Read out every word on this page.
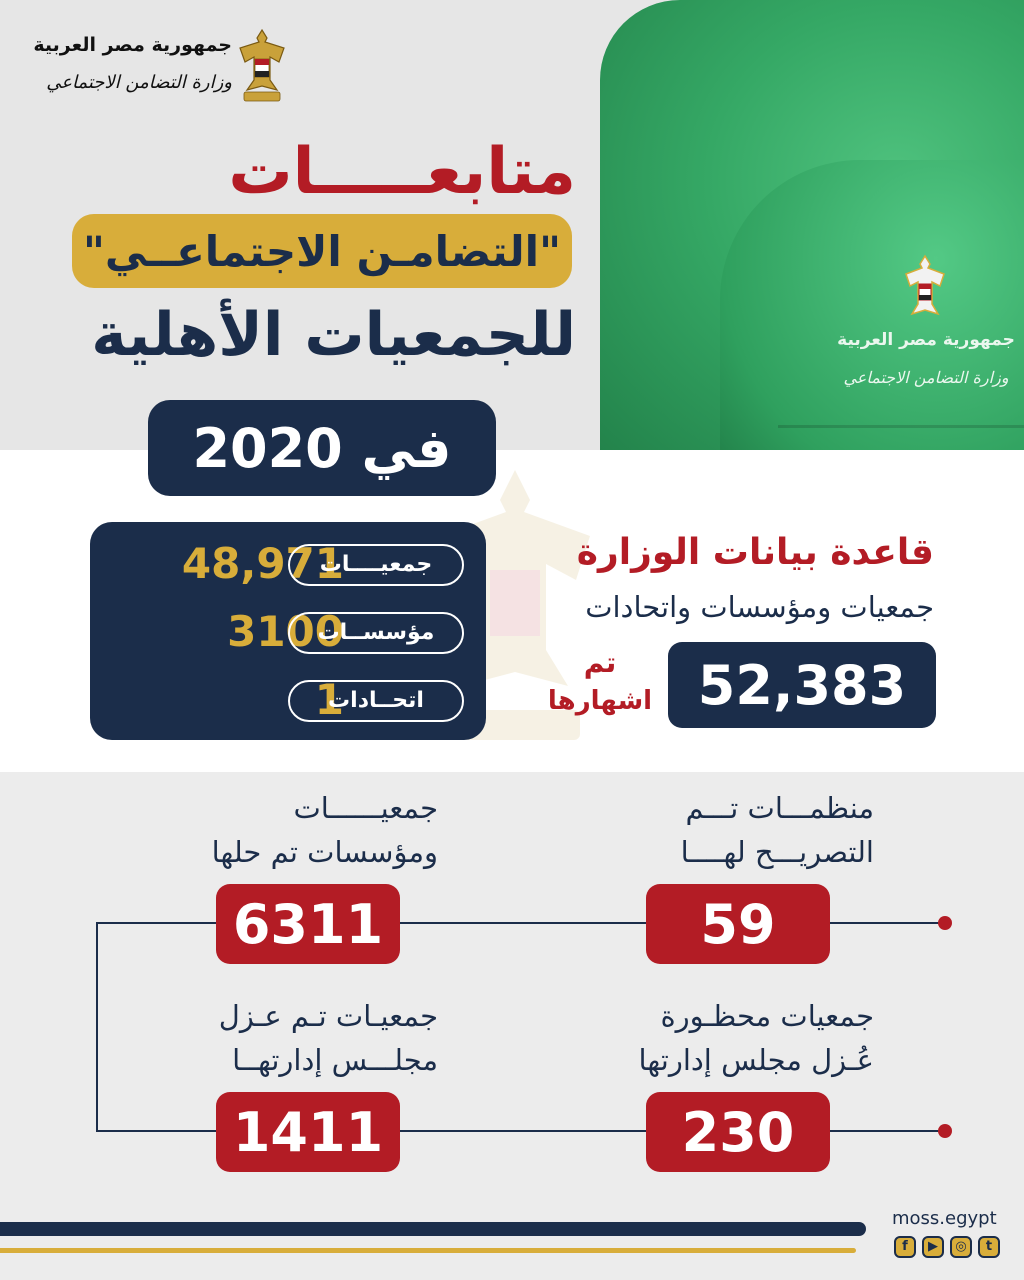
جمهورية مصر العربية
وزارة التضامن الاجتماعي
جمهورية مصر العربية
وزارة التضامن الاجتماعي
متابعـــــات
"التضامـن الاجتماعــي"
للجمعيات الأهلية
في 2020
48,971
جمعيــــات
3100
مؤسســات
1
اتحــادات
قاعدة بيانات الوزارة
جمعيات ومؤسسات واتحادات
تم
اشهارها 52,383
منظمـــات تـــم
التصريـــح لهــــا
59
جمعيــــــات
ومؤسسات تم حلها
6311
جمعيات محظـورة
عُـزل مجلس إدارتها
230
جمعيـات تـم عـزل
مجلـــس إدارتهــا
1411
moss.egypt
f	▶	◎	t
